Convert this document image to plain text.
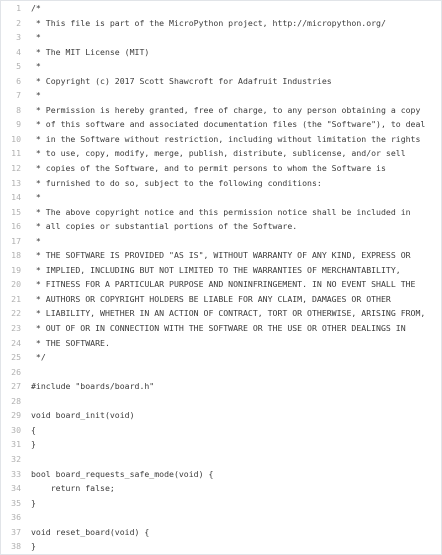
1	/*
2	* This file is part of the MicroPython project, http://micropython.org/
3	*
4	* The MIT License (MIT)
5	*
6	* Copyright (c) 2017 Scott Shawcroft for Adafruit Industries
7	*
8	* Permission is hereby granted, free of charge, to any person obtaining a copy
9	* of this software and associated documentation files (the "Software"), to deal
10	* in the Software without restriction, including without limitation the rights
11	* to use, copy, modify, merge, publish, distribute, sublicense, and/or sell
12	* copies of the Software, and to permit persons to whom the Software is
13	* furnished to do so, subject to the following conditions:
14	*
15	* The above copyright notice and this permission notice shall be included in
16	* all copies or substantial portions of the Software.
17	*
18	* THE SOFTWARE IS PROVIDED "AS IS", WITHOUT WARRANTY OF ANY KIND, EXPRESS OR
19	* IMPLIED, INCLUDING BUT NOT LIMITED TO THE WARRANTIES OF MERCHANTABILITY,
20	* FITNESS FOR A PARTICULAR PURPOSE AND NONINFRINGEMENT. IN NO EVENT SHALL THE
21	* AUTHORS OR COPYRIGHT HOLDERS BE LIABLE FOR ANY CLAIM, DAMAGES OR OTHER
22	* LIABILITY, WHETHER IN AN ACTION OF CONTRACT, TORT OR OTHERWISE, ARISING FROM,
23	* OUT OF OR IN CONNECTION WITH THE SOFTWARE OR THE USE OR OTHER DEALINGS IN
24	* THE SOFTWARE.
25	*/
26
27	#include "boards/board.h"
28
29	void board_init(void)
30	{
31	}
32
33	bool board_requests_safe_mode(void) {
34	return false;
35	}
36
37	void reset_board(void) {
38	}
